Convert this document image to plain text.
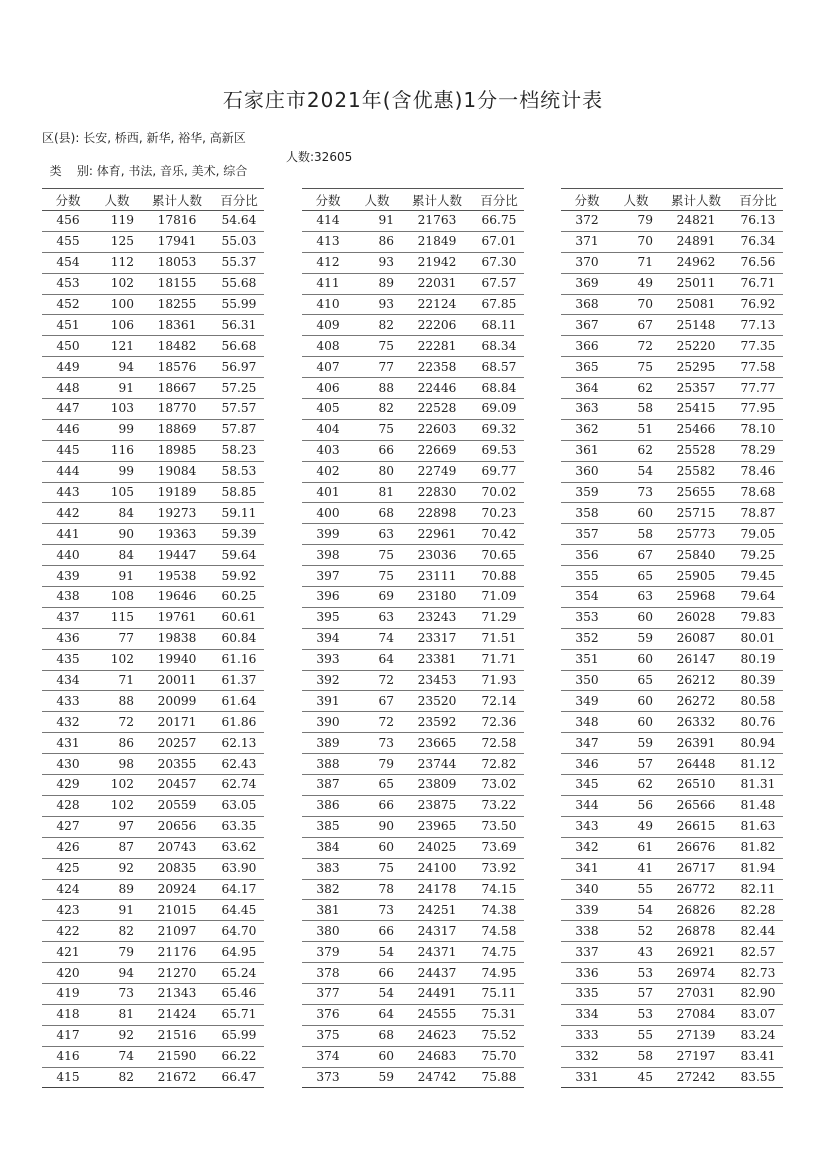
石家庄市2021年(含优惠)1分一档统计表
区(县): 长安, 桥西, 新华, 裕华, 高新区

类    别: 体育, 书法, 音乐, 美术, 综合

人数:32605

分数	人数	累计人数	百分比
456	119	17816	54.64
455	125	17941	55.03
454	112	18053	55.37
453	102	18155	55.68
452	100	18255	55.99
451	106	18361	56.31
450	121	18482	56.68
449	94	18576	56.97
448	91	18667	57.25
447	103	18770	57.57
446	99	18869	57.87
445	116	18985	58.23
444	99	19084	58.53
443	105	19189	58.85
442	84	19273	59.11
441	90	19363	59.39
440	84	19447	59.64
439	91	19538	59.92
438	108	19646	60.25
437	115	19761	60.61
436	77	19838	60.84
435	102	19940	61.16
434	71	20011	61.37
433	88	20099	61.64
432	72	20171	61.86
431	86	20257	62.13
430	98	20355	62.43
429	102	20457	62.74
428	102	20559	63.05
427	97	20656	63.35
426	87	20743	63.62
425	92	20835	63.90
424	89	20924	64.17
423	91	21015	64.45
422	82	21097	64.70
421	79	21176	64.95
420	94	21270	65.24
419	73	21343	65.46
418	81	21424	65.71
417	92	21516	65.99
416	74	21590	66.22
415	82	21672	66.47
分数	人数	累计人数	百分比
414	91	21763	66.75
413	86	21849	67.01
412	93	21942	67.30
411	89	22031	67.57
410	93	22124	67.85
409	82	22206	68.11
408	75	22281	68.34
407	77	22358	68.57
406	88	22446	68.84
405	82	22528	69.09
404	75	22603	69.32
403	66	22669	69.53
402	80	22749	69.77
401	81	22830	70.02
400	68	22898	70.23
399	63	22961	70.42
398	75	23036	70.65
397	75	23111	70.88
396	69	23180	71.09
395	63	23243	71.29
394	74	23317	71.51
393	64	23381	71.71
392	72	23453	71.93
391	67	23520	72.14
390	72	23592	72.36
389	73	23665	72.58
388	79	23744	72.82
387	65	23809	73.02
386	66	23875	73.22
385	90	23965	73.50
384	60	24025	73.69
383	75	24100	73.92
382	78	24178	74.15
381	73	24251	74.38
380	66	24317	74.58
379	54	24371	74.75
378	66	24437	74.95
377	54	24491	75.11
376	64	24555	75.31
375	68	24623	75.52
374	60	24683	75.70
373	59	24742	75.88
分数	人数	累计人数	百分比
372	79	24821	76.13
371	70	24891	76.34
370	71	24962	76.56
369	49	25011	76.71
368	70	25081	76.92
367	67	25148	77.13
366	72	25220	77.35
365	75	25295	77.58
364	62	25357	77.77
363	58	25415	77.95
362	51	25466	78.10
361	62	25528	78.29
360	54	25582	78.46
359	73	25655	78.68
358	60	25715	78.87
357	58	25773	79.05
356	67	25840	79.25
355	65	25905	79.45
354	63	25968	79.64
353	60	26028	79.83
352	59	26087	80.01
351	60	26147	80.19
350	65	26212	80.39
349	60	26272	80.58
348	60	26332	80.76
347	59	26391	80.94
346	57	26448	81.12
345	62	26510	81.31
344	56	26566	81.48
343	49	26615	81.63
342	61	26676	81.82
341	41	26717	81.94
340	55	26772	82.11
339	54	26826	82.28
338	52	26878	82.44
337	43	26921	82.57
336	53	26974	82.73
335	57	27031	82.90
334	53	27084	83.07
333	55	27139	83.24
332	58	27197	83.41
331	45	27242	83.55
